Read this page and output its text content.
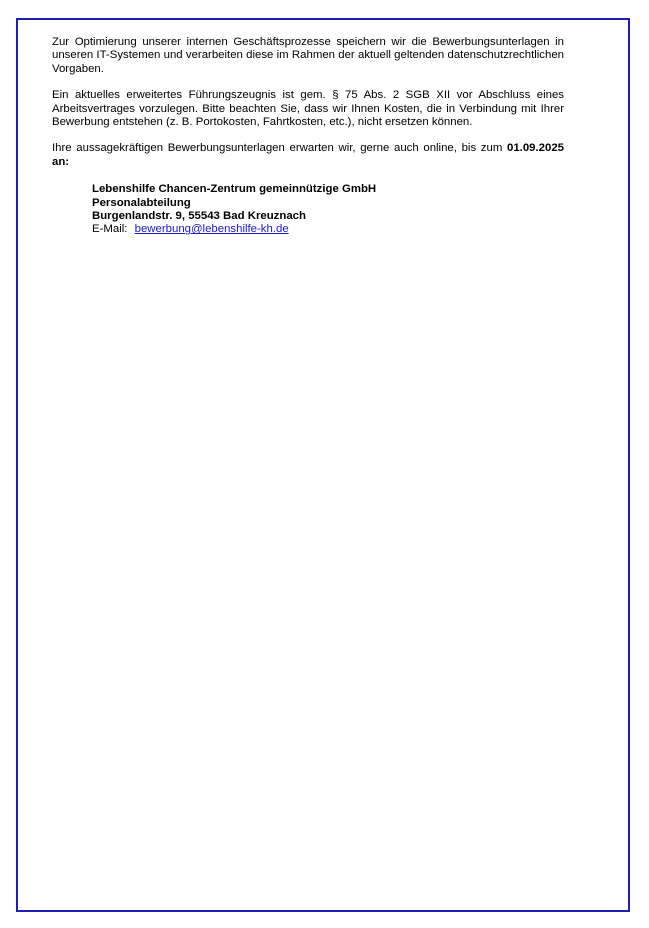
Zur Optimierung unserer internen Geschäftsprozesse speichern wir die Bewerbungsunterlagen in unseren IT-Systemen und verarbeiten diese im Rahmen der aktuell geltenden datenschutzrechtlichen Vorgaben.

Ein aktuelles erweitertes Führungszeugnis ist gem. § 75 Abs. 2 SGB XII vor Abschluss eines Arbeitsvertrages vorzulegen. Bitte beachten Sie, dass wir Ihnen Kosten, die in Verbindung mit Ihrer Bewerbung entstehen (z. B. Portokosten, Fahrtkosten, etc.), nicht ersetzen können.

Ihre aussagekräftigen Bewerbungsunterlagen erwarten wir, gerne auch online, bis zum 01.09.2025 an:

Lebenshilfe Chancen-Zentrum gemeinnützige GmbH
Personalabteilung
Burgenlandstr. 9, 55543 Bad Kreuznach
E-Mail: bewerbung@lebenshilfe-kh.de
